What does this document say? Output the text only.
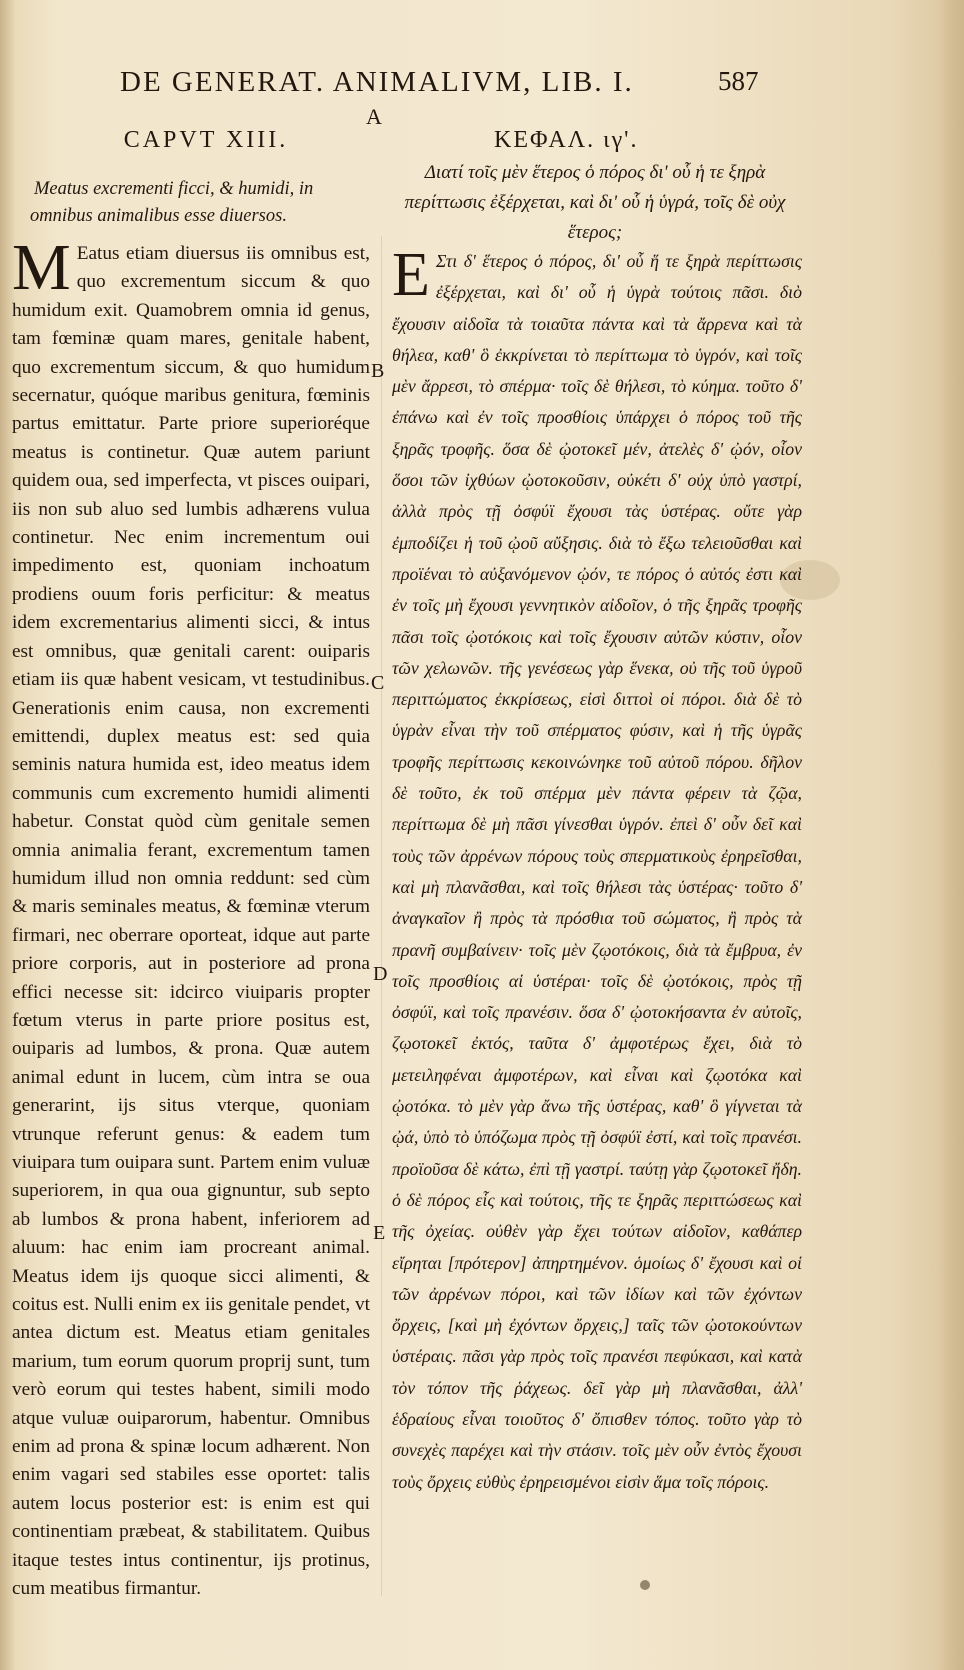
DE GENERAT. ANIMALIVM, LIB. I.	587
A
CAPVT XIII.
Meatus excrementi ficci, & humidi, in omnibus animalibus esse diuersos.
M Eatus etiam diuersus iis omnibus est, quo excrementum siccum & quo humidum exit. Quamobrem omnia id genus, tam fœminæ quam mares, genitale habent, quo excrementum siccum, & quo humidum secernatur, quóque maribus genitura, fœminis partus emittatur. Parte priore superioréque meatus is continetur. Quæ autem pariunt quidem oua, sed imperfecta, vt pisces ouipari, iis non sub aluo sed lumbis adhærens vulua continetur. Nec enim incrementum oui impedimento est, quoniam inchoatum prodiens ouum foris perficitur: & meatus idem excrementarius alimenti sicci, & intus est omnibus, quæ genitali carent: ouiparis etiam iis quæ habent vesicam, vt testudinibus. Generationis enim causa, non excrementi emittendi, duplex meatus est: sed quia seminis natura humida est, ideo meatus idem communis cum excremento humidi alimenti habetur. Constat quòd cùm genitale semen omnia animalia ferant, excrementum tamen humidum illud non omnia reddunt: sed cùm & maris seminales meatus, & fœminæ vterum firmari, nec oberrare oporteat, idque aut parte priore corporis, aut in posteriore ad prona effici necesse sit: idcirco viuiparis propter fœtum vterus in parte priore positus est, ouiparis ad lumbos, & prona. Quæ autem animal edunt in lucem, cùm intra se oua generarint, ijs situs vterque, quoniam vtrunque referunt genus: & eadem tum viuipara tum ouipara sunt. Partem enim vuluæ superiorem, in qua oua gignuntur, sub septo ab lumbos & prona habent, inferiorem ad aluum: hac enim iam procreant animal. Meatus idem ijs quoque sicci alimenti, & coitus est. Nulli enim ex iis genitale pendet, vt antea dictum est. Meatus etiam genitales marium, tum eorum quorum proprij sunt, tum verò eorum qui testes habent, simili modo atque vuluæ ouiparorum, habentur. Omnibus enim ad prona & spinæ locum adhærent. Non enim vagari sed stabiles esse oportet: talis autem locus posterior est: is enim est qui continentiam præbeat, & stabilitatem. Quibus itaque testes intus continentur, ijs protinus, cum meatibus firmantur.
B
C
D
E
ΚΕΦΑΛ. ιγ'.
Διατί τοῖς μὲν ἕτερος ὁ πόρος δι' οὗ ἡ τε ξηρὰ περίττωσις ἐξέρχεται, καὶ δι' οὗ ἡ ὑγρά, τοῖς δὲ οὐχ ἕτερος;
Ε Στι δ' ἕτερος ὁ πόρος, δι' οὗ ἥ τε ξηρὰ περίττωσις ἐξέρχεται, καὶ δι' οὗ ἡ ὑγρὰ τούτοις πᾶσι. διὸ ἔχουσιν αἰδοῖα τὰ τοιαῦτα πάντα καὶ τὰ ἄρρενα καὶ τὰ θήλεα, καθ' ὃ ἐκκρίνεται τὸ περίττωμα τὸ ὑγρόν, καὶ τοῖς μὲν ἄρρεσι, τὸ σπέρμα· τοῖς δὲ θήλεσι, τὸ κύημα. τοῦτο δ' ἐπάνω καὶ ἐν τοῖς προσθίοις ὑπάρχει ὁ πόρος τοῦ τῆς ξηρᾶς τροφῆς. ὅσα δὲ ᾠοτοκεῖ μέν, ἀτελὲς δ' ᾠόν, οἷον ὅσοι τῶν ἰχθύων ᾠοτοκοῦσιν, οὐκέτι δ' οὐχ ὑπὸ γαστρί, ἀλλὰ πρὸς τῇ ὀσφύϊ ἔχουσι τὰς ὑστέρας. οὔτε γὰρ ἐμποδίζει ἡ τοῦ ᾠοῦ αὔξησις. διὰ τὸ ἔξω τελειοῦσθαι καὶ προϊέναι τὸ αὐξανόμενον ᾠόν, τε πόρος ὁ αὐτός ἐστι καὶ ἐν τοῖς μὴ ἔχουσι γεννητικὸν αἰδοῖον, ὁ τῆς ξηρᾶς τροφῆς πᾶσι τοῖς ᾠοτόκοις καὶ τοῖς ἔχουσιν αὐτῶν κύστιν, οἷον τῶν χελωνῶν. τῆς γενέσεως γὰρ ἕνεκα, οὐ τῆς τοῦ ὑγροῦ περιττώματος ἐκκρίσεως, εἰσὶ διττοὶ οἱ πόροι. διὰ δὲ τὸ ὑγρὰν εἶναι τὴν τοῦ σπέρματος φύσιν, καὶ ἡ τῆς ὑγρᾶς τροφῆς περίττωσις κεκοινώνηκε τοῦ αὐτοῦ πόρου. δῆλον δὲ τοῦτο, ἐκ τοῦ σπέρμα μὲν πάντα φέρειν τὰ ζῷα, περίττωμα δὲ μὴ πᾶσι γίνεσθαι ὑγρόν. ἐπεὶ δ' οὖν δεῖ καὶ τοὺς τῶν ἀρρένων πόρους τοὺς σπερματικοὺς ἐρηρεῖσθαι, καὶ μὴ πλανᾶσθαι, καὶ τοῖς θήλεσι τὰς ὑστέρας· τοῦτο δ' ἀναγκαῖον ἢ πρὸς τὰ πρόσθια τοῦ σώματος, ἢ πρὸς τὰ πρανῆ συμβαίνειν· τοῖς μὲν ζῳοτόκοις, διὰ τὰ ἔμβρυα, ἐν τοῖς προσθίοις αἱ ὑστέραι· τοῖς δὲ ᾠοτόκοις, πρὸς τῇ ὀσφύϊ, καὶ τοῖς πρανέσιν. ὅσα δ' ᾠοτοκήσαντα ἐν αὐτοῖς, ζῳοτοκεῖ ἐκτός, ταῦτα δ' ἀμφοτέρως ἔχει, διὰ τὸ μετειληφέναι ἀμφοτέρων, καὶ εἶναι καὶ ζῳοτόκα καὶ ᾠοτόκα. τὸ μὲν γὰρ ἄνω τῆς ὑστέρας, καθ' ὃ γίγνεται τὰ ᾠά, ὑπὸ τὸ ὑπόζωμα πρὸς τῇ ὀσφύϊ ἐστί, καὶ τοῖς πρανέσι. προϊοῦσα δὲ κάτω, ἐπὶ τῇ γαστρί. ταύτῃ γὰρ ζῳοτοκεῖ ἤδη. ὁ δὲ πόρος εἷς καὶ τούτοις, τῆς τε ξηρᾶς περιττώσεως καὶ τῆς ὀχείας. οὐθὲν γὰρ ἔχει τούτων αἰδοῖον, καθάπερ εἴρηται [πρότερον] ἀπηρτημένον. ὁμοίως δ' ἔχουσι καὶ οἱ τῶν ἀρρένων πόροι, καὶ τῶν ἰδίων καὶ τῶν ἐχόντων ὄρχεις, [καὶ μὴ ἐχόντων ὄρχεις,] ταῖς τῶν ᾠοτοκούντων ὑστέραις. πᾶσι γὰρ πρὸς τοῖς πρανέσι πεφύκασι, καὶ κατὰ τὸν τόπον τῆς ῥάχεως. δεῖ γὰρ μὴ πλανᾶσθαι, ἀλλ' ἑδραίους εἶναι τοιοῦτος δ' ὄπισθεν τόπος. τοῦτο γὰρ τὸ συνεχὲς παρέχει καὶ τὴν στάσιν. τοῖς μὲν οὖν ἐντὸς ἔχουσι τοὺς ὄρχεις εὐθὺς ἐρηρεισμένοι εἰσὶν ἅμα τοῖς πόροις.
